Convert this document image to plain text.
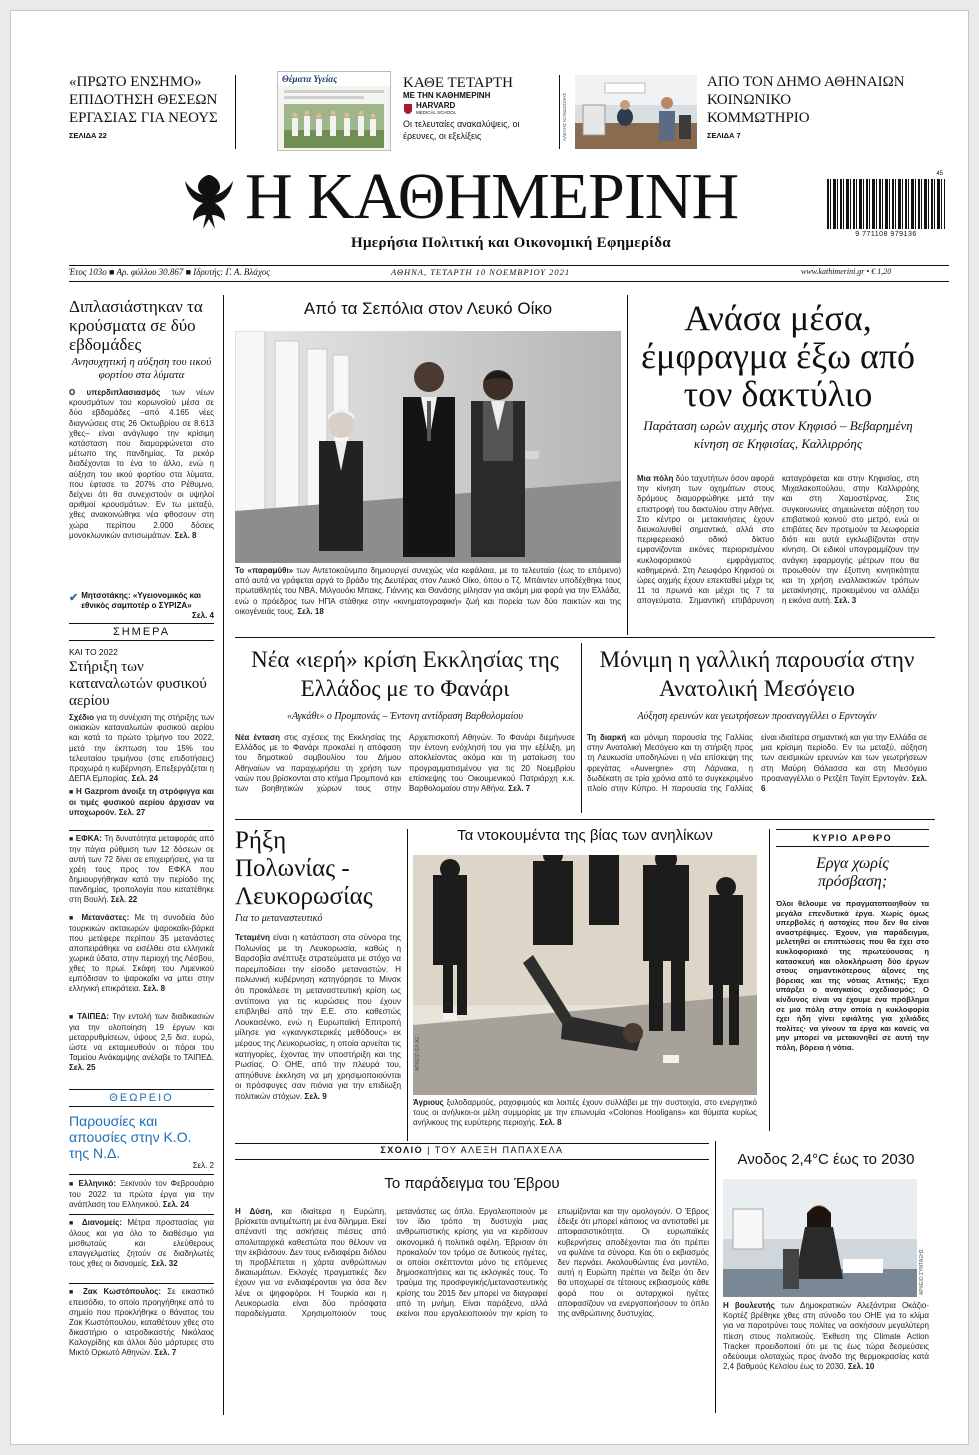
«ΠΡΩΤΟ ΕΝΣΗΜΟ»
ΕΠΙΔΟΤΗΣΗ ΘΕΣΕΩΝ
ΕΡΓΑΣΙΑΣ ΓΙΑ ΝΕΟΥΣ
ΣΕΛΙΔΑ 22
Θέματα Υγείας	ΚΑΘΕ ΤΕΤΑΡΤΗ
ΜΕ ΤΗΝ ΚΑΘΗΜΕΡΙΝΗ
HARVARD
MEDICAL SCHOOL
Οι τελευταίες ανακαλύψεις, οι έρευνες, οι εξελίξεις	ΑΛΕΞΗΣ ΚΟΝΔΟΣΙΛΗΣ
ΑΠΟ ΤΟΝ ΔΗΜΟ ΑΘΗΝΑΙΩΝ
ΚΟΙΝΩΝΙΚΟ
ΚΟΜΜΩΤΗΡΙΟ
ΣΕΛΙΔΑ 7
Η ΚΑΘΗΜΕΡΙΝΗ
Ημερήσια Πολιτική και Οικονομική Εφημερίδα
45
9 771108 979136
Έτος 103ο ■ Αρ. φύλλου 30.867 ■ Ιδρυτής: Γ. Α. Βλάχος	ΑΘΗΝΑ, ΤΕΤΑΡΤΗ 10 ΝΟΕΜΒΡΙΟΥ 2021	www.kathimerini.gr • € 1,20
Διπλασιάστηκαν τα κρούσματα σε δύο εβδομάδες
Ανησυχητική η αύξηση του ιικού φορτίου στα λύματα
Ο υπερδιπλασιασμός των νέων κρουσμάτων του κορωνοϊού μέσα σε δύο εβδομάδες –από 4.165 νέες διαγνώσεις στις 26 Οκτωβρίου σε 8.613 χθες– είναι ανάγλυφο την κρίσιμη κατάσταση που διαμορφώνεται στο μέτωπο της πανδημίας. Τα ρεκόρ διαδέχονται το ένα το άλλο, ενώ η αύξηση του ιικού φορτίου στα λύματα, που έφτασε το 207% στο Ρέθυμνο, δείχνει ότι θα συνεχιστούν οι υψηλοί αριθμοί κρουσμάτων. Εν τω μεταξύ, χθες ανακοινώθηκε νέα φθοσουν στη χώρα περίπου 2.000 δόσεις μονοκλωνικών αντισωμάτων. Σελ. 8
✔ Μητσοτάκης: «Υγειονομικός και εθνικός σαμποτέρ ο ΣΥΡΙΖΑ»
Σελ. 4
ΣΗΜΕΡΑ
ΚΑΙ ΤΟ 2022
Στήριξη των καταναλωτών φυσικού αερίου
Σχέδιο για τη συνέχιση της στήριξης των οικιακών καταναλωτών φυσικού αερίου και κατά το πρώτο τρίμηνο του 2022, μετά την έκπτωση του 15% του τελευταίου τριμήνου (στις επιδοτήσεις) προχωρά η κυβέρνηση. Επεξεργάζεται η ΔΕΠΑ Εμπορίας. Σελ. 24
■ Η Gazprom άνοιξε τη στρόφιγγα και οι τιμές φυσικού αερίου άρχισαν να υποχωρούν. Σελ. 27
■ ΕΦΚΑ: Τη δυνατότητα μεταφοράς από την πάγια ρύθμιση των 12 δόσεων σε αυτή των 72 δίνει σε επιχειρήσεις, για τα χρέη τους προς τον ΕΦΚΑ που δημιουργήθηκαν κατά την περίοδο της πανδημίας, τροπολογία που κατατέθηκε στη Βουλή. Σελ. 22
■ Μετανάστες: Με τη συνοδεία δύο τουρκικών ακταιωρών ψαροκαΐκι-βάρκα που μετέφερε περίπου 35 μετανάστες αποπειράθηκε να εισέλθει στα ελληνικά χωρικά ύδατα, στην περιοχή της Λέσβου, χθες το πρωί. Σκάφη του Λιμενικού εμπόδισαν το ψαροκαΐκι να μπει στην ελληνική επικράτεια. Σελ. 8
■ ΤΑΙΠΕΔ: Την εντολή των διαδικασιών για την υλοποίηση 19 έργων και μεταρρυθμίσεων, ύψους 2,5 δισ. ευρώ, ώστε να εκταμιευθούν οι πόροι του Ταμείου Ανάκαμψης ανέλαβε το ΤΑΙΠΕΔ. Σελ. 25
ΘΕΩΡΕΙΟ
Παρουσίες και απουσίες στην Κ.Ο. της Ν.Δ.
Σελ. 2
■ Ελληνικό: Ξεκινούν τον Φεβρουάριο του 2022 τα πρώτα έργα για την ανάπλαση του Ελληνικού. Σελ. 24
■ Διανομείς: Μέτρα προστασίας για όλους και για όλο το διαθέσιμο για μισθωτούς και ελεύθερους επαγγελματίες ζητούν σε διαδηλωτές τους χθες οι διανομείς. Σελ. 32
■ Ζακ Κωστόπουλος: Σε εικαστικό επεισόδιο, το οποίο προηγήθηκε από το σημείο που προκλήθηκε ο θάνατος του Ζακ Κωστόπουλου, καταθέτουν χθες στο δικαστήριο ο ιατροδικαστής Νικόλαος Καλογρίδης και άλλοι δύο μάρτυρες στο Μικτό Ορκωτό Αθηνών. Σελ. 7
Από τα Σεπόλια στον Λευκό Οίκο
Το «παραμύθι» των Αντετοκούνμπο δημιουργεί συνεχώς νέα κεφάλαια, με το τελευταίο (έως το επόμενο) από αυτά να γράφεται αργά το βράδυ της Δευτέρας στον Λευκό Οίκο, όπου ο Τζ. Μπάιντεν υποδέχθηκε τους πρωταθλητές του NBA, Μιλγουόκι Μπακς. Γιάννης και Θανάσης μίλησαν για ακόμη μια φορά για την Ελλάδα, ενώ ο πρόεδρος των ΗΠΑ στάθηκε στην «κινηματογραφική» ζωή και πορεία των δύο παικτών και της οικογένειάς τους. Σελ. 18
Ανάσα μέσα, έμφραγμα έξω από τον δακτύλιο
Παράταση ωρών αιχμής στον Κηφισό – Βεβαρημένη κίνηση σε Κηφισίας, Καλλιρρόης
Μια πόλη δύο ταχυτήτων όσον αφορά την κίνηση των οχημάτων στους δρόμους διαμορφώθηκε μετά την επιστροφή του δακτυλίου στην Αθήνα. Στο κέντρο οι μετακινήσεις έχουν διευκολυνθεί σημαντικά, αλλά στο περιφερειακό οδικό δίκτυο εμφανίζονται εικόνες περιορισμένου κυκλοφοριακού εμφράγματος καθημερινά. Στη Λεωφόρο Κηφισού οι ώρες αιχμής έχουν επεκταθεί μέχρι τις 11 τα πρωινά και μέχρι τις 7 τα απογεύματα. Σημαντική επιβάρυνση καταγράφεται και στην Κηφισίας, στη Μιχαλακοπούλου, στην Καλλιρρόης και στη Χαμοστέρνας. Στις συγκοινωνίες σημειώνεται αύξηση του επιβατικού κοινού στο μετρό, ενώ οι επιβάτες δεν προτιμούν τα λεωφορεία διότι και αυτά εγκλωβίζονται στην κίνηση. Οι ειδικοί υπογραμμίζουν την ανάγκη εφαρμογής μέτρων που θα προωθούν την έξυπνη κινητικότητα και τη χρήση εναλλακτικών τρόπων μετακίνησης, προκειμένου να αλλάξει η εικόνα αυτή. Σελ. 3
Νέα «ιερή» κρίση Εκκλησίας της Ελλάδος με το Φανάρι
«Αγκάθι» ο Προμπονάς – Έντονη αντίδραση Βαρθολομαίου
Νέα ένταση στις σχέσεις της Εκκλησίας της Ελλάδος με το Φανάρι προκαλεί η απόφαση του δημοτικού συμβουλίου του Δήμου Αθηναίων να παραχωρήσει τη χρήση των ναών που βρίσκονται στο κτήμα Προμπονά και των βοηθητικών χώρων τους στην Αρχιεπισκοπή Αθηνών. Το Φανάρι διεμήνυσε την έντονη ενόχλησή του για την εξέλιξη, μη αποκλείοντας ακόμα και τη ματαίωση του προγραμματισμένου για τις 20 Νοεμβρίου επίσκεψης του Οικουμενικού Πατριάρχη κ.κ. Βαρθολομαίου στην Αθήνα. Σελ. 7
Μόνιμη η γαλλική παρουσία στην Ανατολική Μεσόγειο
Αύξηση ερευνών και γεωτρήσεων προαναγγέλλει ο Ερντογάν
Τη διαρκή και μόνιμη παρουσία της Γαλλίας στην Ανατολική Μεσόγειο και τη στήριξη προς τη Λευκωσία υποδηλώνει η νέα επίσκεψη της φρεγάτας «Auvergne» στη Λάρνακα, η δωδέκατη σε τρία χρόνια από το συγκεκριμένο πλοίο στην Κύπρο. Η παρουσία της Γαλλίας είναι ιδιαίτερα σημαντική και για την Ελλάδα σε μια κρίσιμη περίοδο. Εν τω μεταξύ, αύξηση των σεισμικών ερευνών και των γεωτρήσεων στη Μαύρη Θάλασσα και στη Μεσόγειο προαναγγέλλει ο Ρετζέπ Ταγίπ Ερντογάν. Σελ. 6
Ρήξη
Πολωνίας -
Λευκορωσίας
Για το μεταναστευτικό
Τεταμένη είναι η κατάσταση στα σύνορα της Πολωνίας με τη Λευκορωσία, καθώς η Βαρσοβία ανέπτυξε στρατεύματα με στόχο να παρεμποδίσει την είσοδο μεταναστών. Η πολωνική κυβέρνηση κατηγόρησε το Μινσκ ότι προκάλεσε τη μεταναστευτική κρίση ως αντίποινα για τις κυρώσεις που έχουν επιβληθεί από την Ε.Ε. στο καθεστώς Λουκασένκο, ενώ η Ευρωπαϊκή Επιτροπή μίλησε για «γκανγκστερικές μεθόδους» εκ μέρους της Λευκορωσίας, η οποία αρνείται τις κατηγορίες, έχοντας την υποστήριξη και της Ρωσίας. Ο ΟΗΕ, από την πλευρά του, απηύθυνε έκκληση να μη χρησιμοποιούνται οι πρόσφυγες σαν πιόνια για την επιδίωξη πολιτικών στόχων. Σελ. 9
Τα ντοκουμέντα της βίας των ανηλίκων
ΑΡΧΕΙΟ ΕΛ.ΑΣ.
Άγριους ξυλοδαρμούς, ραχοφιμούς και λοιπές έχουν συλλάβει με την συστοιχία, στο ενεργητικό τους οι ανήλικοι-οι μέλη συμμορίας με την επωνυμία «Colonos Hooligans» και θύματα κυρίως ανήλικους της ευρύτερης περιοχής. Σελ. 8
ΚΥΡΙΟ ΑΡΘΡΟ
Εργα χωρίς πρόσβαση;
Όλοι θέλουμε να πραγματοποιηθούν τα μεγάλα επενδυτικά έργα. Χωρίς όμως υπερβολές ή αστοχίες που δεν θα είναι αναστρέψιμες. Έχουν, για παράδειγμα, μελετηθεί οι επιπτώσεις που θα έχει στο κυκλοφοριακό της πρωτεύουσας η κατασκευή και ολοκλήρωση δύο έργων στους σημαντικότερους άξονες της βόρειας και της νότιας Αττικής; Έχει υπάρξει ο αναγκαίος σχεδιασμός; Ο κίνδυνος είναι να έχουμε ένα πρόβλημα σε μια πόλη στην οποία η κυκλοφορία έχει ήδη γίνει εφιάλτης για χιλιάδες πολίτες· να γίνουν τα έργα και κανείς να μην μπορεί να μετακινηθεί σε αυτή την πόλη, βόρεια ή νότια.
ΣΧΟΛΙΟ | ΤΟΥ ΑΛΕΞΗ ΠΑΠΑΧΕΛΑ
Το παράδειγμα του Έβρου
Η Δύση, και ιδιαίτερα η Ευρώπη, βρίσκεται αντιμέτωπη με ένα δίλημμα. Εκεί απέναντί της ασκήσεις πιέσεις από απολυταρχικά καθεστώτα που θέλουν να την εκβιάσουν. Δεν τους ενδιαφέρει διόλου τη προβλέπεται η χάρτα ανθρώπινων δικαιωμάτων. Εκλογές πραγματικές δεν έχουν για να ενδιαφέρονται για όσα δεν λένε οι ψηφοφόροι. Η Τουρκία και η Λευκορωσία είναι δύο πρόσφατα παραδείγματα. Χρησιμοποιούν τους μετανάστες ως όπλο. Εργαλειοποιούν με τον ίδιο τρόπο τη δυστυχία μιας ανθρωπιστικής κρίσης για να κερδίσουν οικονομικά ή πολιτικά οφέλη. Έβρισαν ότι προκαλούν τον τρόμο σε δυτικούς ηγέτες, οι οποίοι σκέπτονται μόνο τις επόμενες δημοσκοπήσεις και τις εκλογικές τους. Το τραύμα της προσφυγικής/μεταναστευτικής κρίσης του 2015 δεν μπορεί να διαγραφεί από τη μνήμη. Είναι παράξενο, αλλά εκείνοι που εργαλειοποιούν την κρίση το επωμίζονται και την ομολογούν. Ο Έβρος έδειξε ότι μπορεί κάποιος να αντισταθεί με αποφασιστικότητα. Οι ευρωπαϊκές κυβερνήσεις αποδέχονται πια ότι πρέπει να φυλάνε τα σύνορα. Και ότι ο εκβιασμός δεν περνάει. Ακολουθώντας ένα μοντέλο, αυτή η Ευρώπη πρέπει να δείξει ότι δεν θα υποχωρεί σε τέτοιους εκβιασμούς κάθε φορά που οι αυταρχικοί ηγέτες αποφασίζουν να ενεργοποιήσουν το όπλο της ανθρώπινης δυστυχίας.
Ανοδος 2,4°C έως το 2030
ΑΡΧΕΙΟ ΣΥΝΤΑΞΗΣ
Η βουλευτής των Δημοκρατικών Αλεξάντρια Οκάζιο-Κορτέζ βρέθηκε χθες στη σύνοδο του ΟΗΕ για το κλίμα για να παροτρύνει τους πολίτες να ασκήσουν μεγαλύτερη πίεση στους πολιτικούς. Έκθεση της Climate Action Tracker προειδοποιεί ότι με τις έως τώρα δεσμεύσεις οδεύουμε ολοταχώς προς άνοδο της θερμοκρασίας κατά 2,4 βαθμούς Κελσίου έως το 2030. Σελ. 10
